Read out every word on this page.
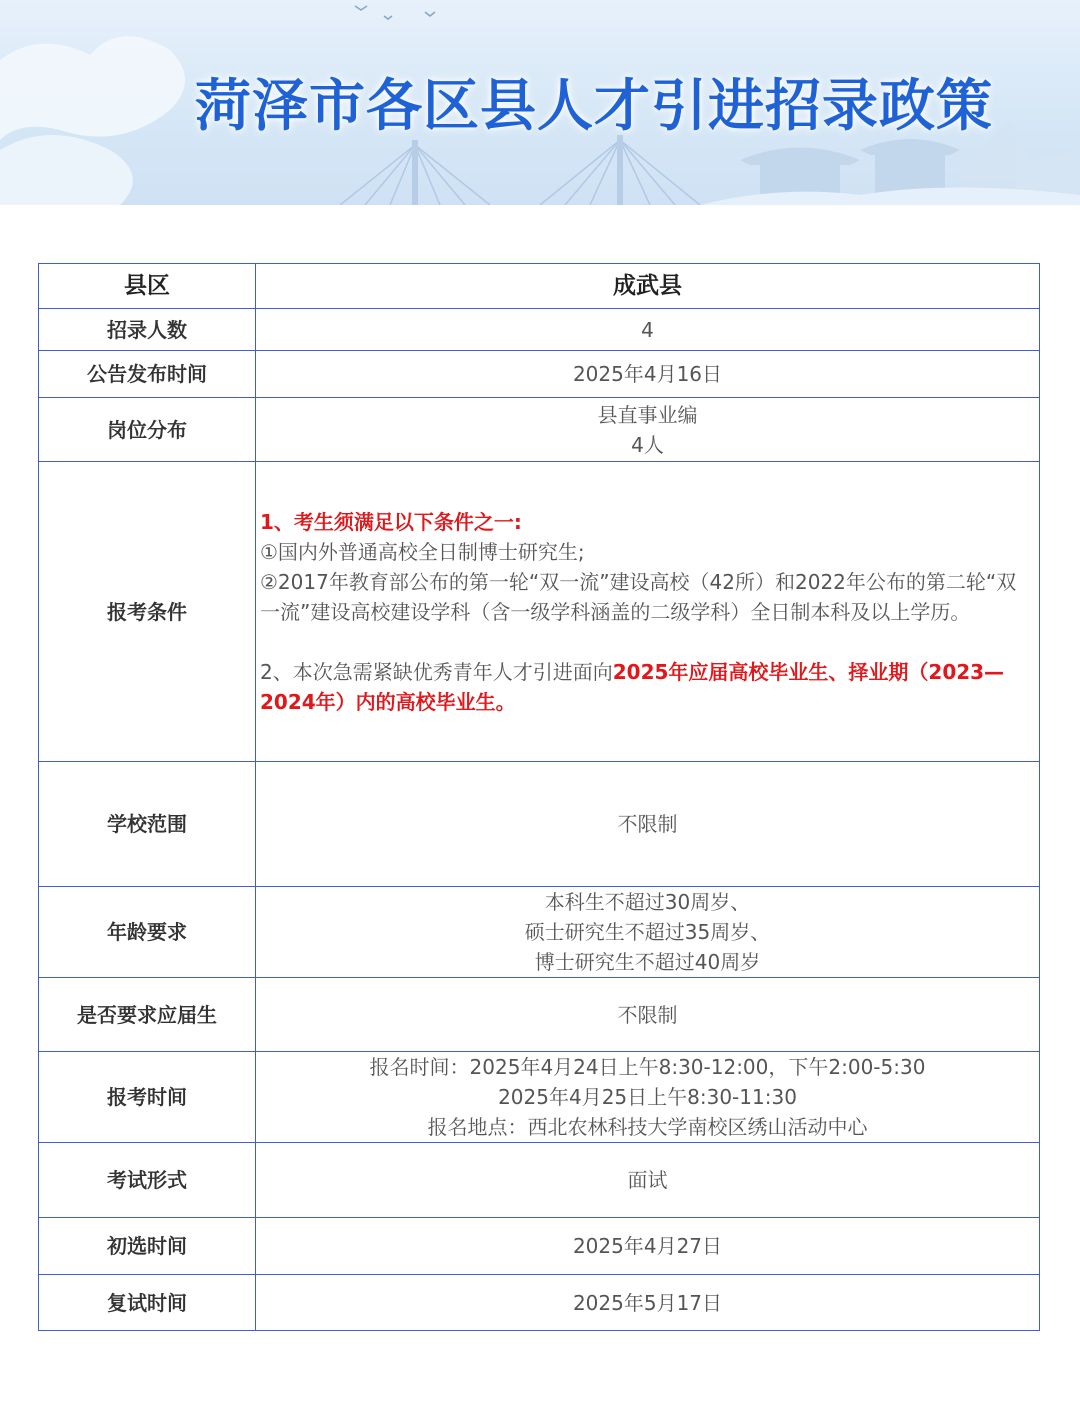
菏泽市各区县人才引进招录政策
县区	成武县
招录人数	4
公告发布时间	2025年4月16日
岗位分布	县直事业编
4人

报考条件	1、考生须满足以下条件之一:
①国内外普通高校全日制博士研究生;
②2017年教育部公布的第一轮“双一流”建设高校（42所）和2022年公布的第二轮“双一流”建设高校建设学科（含一级学科涵盖的二级学科）全日制本科及以上学历。
2、本次急需紧缺优秀青年人才引进面向2025年应届高校毕业生、择业期（2023—2024年）内的高校毕业生。

学校范围	不限制
年龄要求	本科生不超过30周岁、
硕士研究生不超过35周岁、
博士研究生不超过40周岁

是否要求应届生	不限制
报考时间	报名时间：2025年4月24日上午8:30-12:00，下午2:00-5:30
2025年4月25日上午8:30-11:30
报名地点：西北农林科技大学南校区绣山活动中心

考试形式	面试
初选时间	2025年4月27日
复试时间	2025年5月17日
